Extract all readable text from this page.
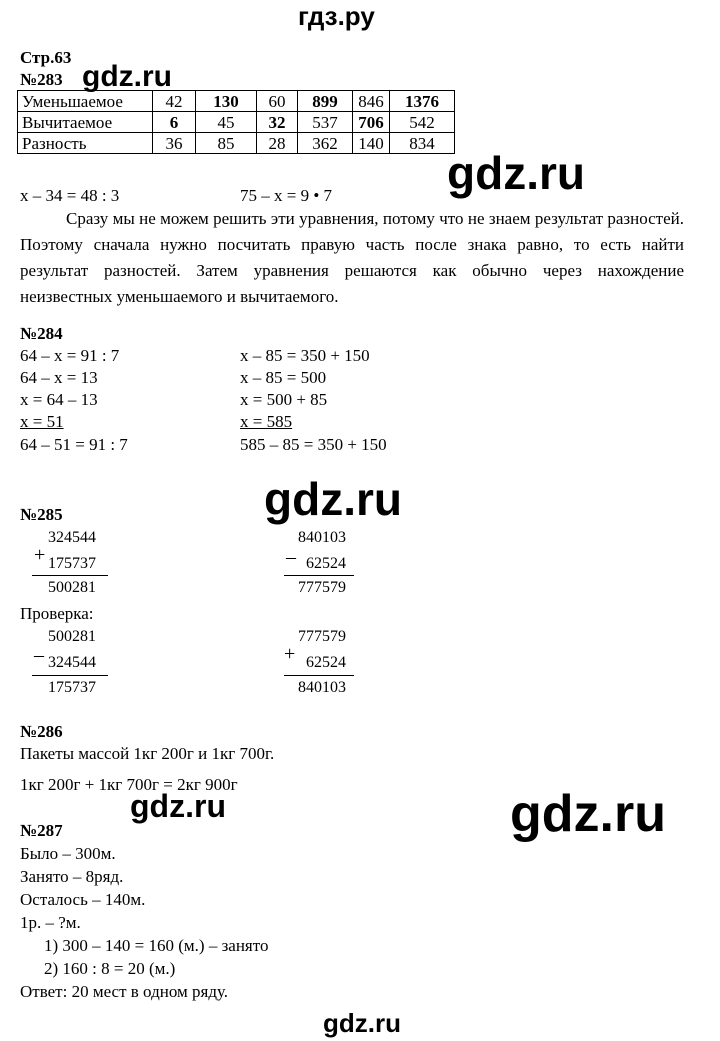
гдз.ру
Стр.63
№283 gdz.ru
Уменьшаемое	42	130	60	899	846	1376
Вычитаемое	6	45	32	537	706	542
Разность	36	85	28	362	140	834
gdz.ru
x – 34 = 48 : 3	75 – x = 9 • 7

Сразу мы не можем решить эти уравнения, потому что не знаем результат разностей. Поэтому сначала нужно посчитать правую часть после знака равно, то есть найти результат разностей. Затем уравнения решаются как обычно через нахождение неизвестных уменьшаемого и вычитаемого.

№284
64 – x = 91 : 7
64 – x = 13
x = 64 – 13
x = 51
64 – 51 = 91 : 7
x – 85 = 350 + 150
x – 85 = 500
x = 500 + 85
x = 585
585 – 85 = 350 + 150
gdz.ru
№285
+
324544
175737
500281
–
840103
62524
777579
Проверка:
–
500281
324544
175737
+
777579
62524
840103
№286
Пакеты массой 1кг 200г и 1кг 700г.
1кг 200г + 1кг 700г = 2кг 900г
gdz.ru	gdz.ru
№287
Было – 300м.
Занято – 8ряд.
Осталось – 140м.
1р. – ?м.
1) 300 – 140 = 160 (м.) – занято
2) 160 : 8 = 20 (м.)
Ответ: 20 мест в одном ряду.
gdz.ru
